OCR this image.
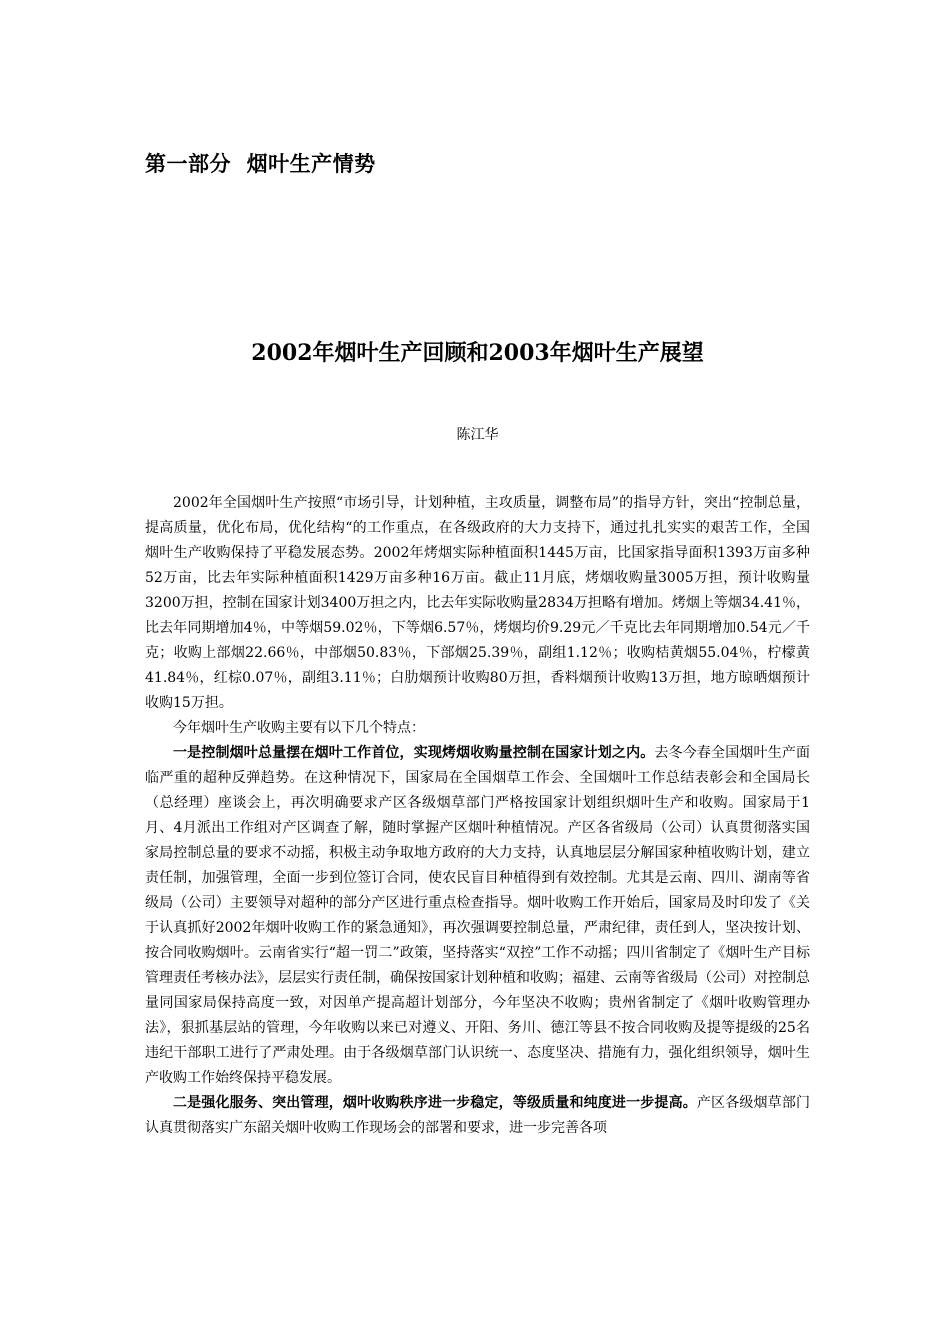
第一部分  烟叶生产情势
2002年烟叶生产回顾和2003年烟叶生产展望
陈江华

2002年全国烟叶生产按照“市场引导，计划种植，主攻质量，调整布局”的指导方针，突出“控制总量，提高质量，优化布局，优化结构“的工作重点，在各级政府的大力支持下，通过扎扎实实的艰苦工作，全国烟叶生产收购保持了平稳发展态势。2002年烤烟实际种植面积1445万亩，比国家指导面积1393万亩多种52万亩，比去年实际种植面积1429万亩多种16万亩。截止11月底，烤烟收购量3005万担，预计收购量3200万担，控制在国家计划3400万担之内，比去年实际收购量2834万担略有增加。烤烟上等烟34.41％，比去年同期增加4％，中等烟59.02％，下等烟6.57％，烤烟均价9.29元／千克比去年同期增加0.54元／千克；收购上部烟22.66％，中部烟50.83％，下部烟25.39％，副组1.12％；收购桔黄烟55.04％，柠檬黄41.84％，红棕0.07％，副组3.11％；白肋烟预计收购80万担，香料烟预计收购13万担，地方晾晒烟预计收购15万担。

今年烟叶生产收购主要有以下几个特点：

一是控制烟叶总量摆在烟叶工作首位，实现烤烟收购量控制在国家计划之内。去冬今春全国烟叶生产面临严重的超种反弹趋势。在这种情况下，国家局在全国烟草工作会、全国烟叶工作总结表彰会和全国局长（总经理）座谈会上，再次明确要求产区各级烟草部门严格按国家计划组织烟叶生产和收购。国家局于1月、4月派出工作组对产区调查了解，随时掌握产区烟叶种植情况。产区各省级局（公司）认真贯彻落实国家局控制总量的要求不动摇，积极主动争取地方政府的大力支持，认真地层层分解国家种植收购计划，建立责任制，加强管理，全面一步到位签订合同，使农民盲目种植得到有效控制。尤其是云南、四川、湖南等省级局（公司）主要领导对超种的部分产区进行重点检查指导。烟叶收购工作开始后，国家局及时印发了《关于认真抓好2002年烟叶收购工作的紧急通知》，再次强调要控制总量，严肃纪律，责任到人，坚决按计划、按合同收购烟叶。云南省实行“超一罚二”政策，坚持落实“双控”工作不动摇；四川省制定了《烟叶生产目标管理责任考核办法》，层层实行责任制，确保按国家计划种植和收购；福建、云南等省级局（公司）对控制总量同国家局保持高度一致，对因单产提高超计划部分，今年坚决不收购；贵州省制定了《烟叶收购管理办法》，狠抓基层站的管理，今年收购以来已对遵义、开阳、务川、德江等县不按合同收购及提等提级的25名违纪干部职工进行了严肃处理。由于各级烟草部门认识统一、态度坚决、措施有力，强化组织领导，烟叶生产收购工作始终保持平稳发展。

二是强化服务、突出管理，烟叶收购秩序进一步稳定，等级质量和纯度进一步提高。产区各级烟草部门认真贯彻落实广东韶关烟叶收购工作现场会的部署和要求，进一步完善各项
